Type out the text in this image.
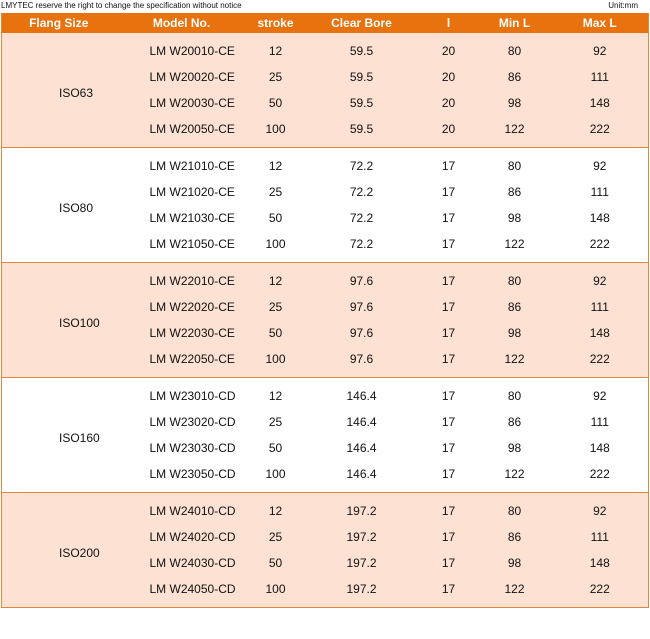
LMYTEC reserve the right to change the specification without notice	Unit:mm
Flang Size	Model No.	stroke	Clear Bore	l	Min L	Max L
ISO63	LM W20010-CE	12	59.5	20	80	92
	LM W20020-CE	25	59.5	20	86	111
	LM W20030-CE	50	59.5	20	98	148
	LM W20050-CE	100	59.5	20	122	222
ISO80	LM W21010-CE	12	72.2	17	80	92
	LM W21020-CE	25	72.2	17	86	111
	LM W21030-CE	50	72.2	17	98	148
	LM W21050-CE	100	72.2	17	122	222
ISO100	LM W22010-CE	12	97.6	17	80	92
	LM W22020-CE	25	97.6	17	86	111
	LM W22030-CE	50	97.6	17	98	148
	LM W22050-CE	100	97.6	17	122	222
ISO160	LM W23010-CD	12	146.4	17	80	92
	LM W23020-CD	25	146.4	17	86	111
	LM W23030-CD	50	146.4	17	98	148
	LM W23050-CD	100	146.4	17	122	222
ISO200	LM W24010-CD	12	197.2	17	80	92
	LM W24020-CD	25	197.2	17	86	111
	LM W24030-CD	50	197.2	17	98	148
	LM W24050-CD	100	197.2	17	122	222
